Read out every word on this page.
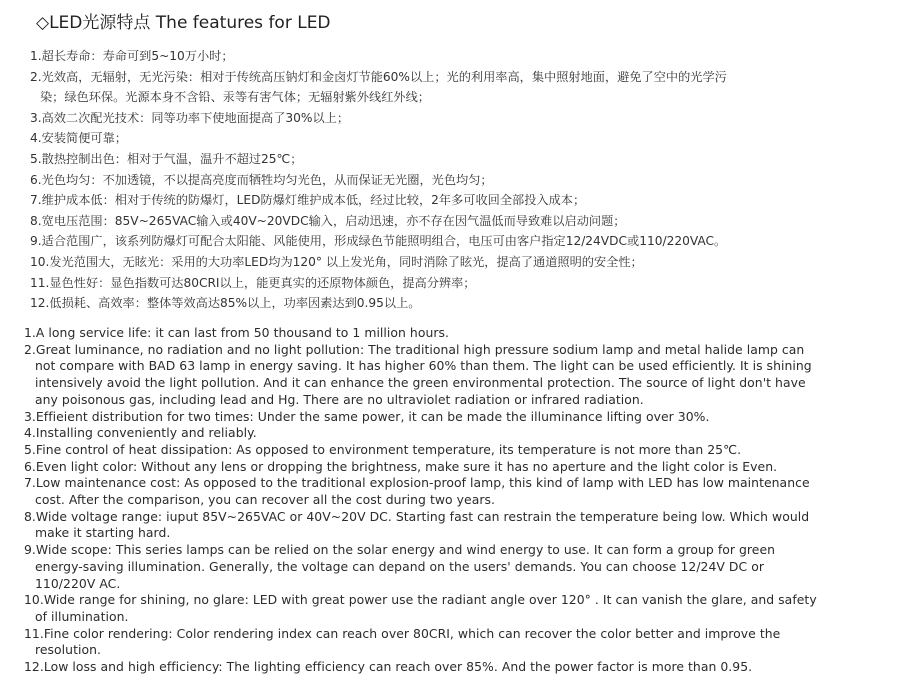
◇LED光源特点 The features for LED
1.超长寿命：寿命可到5~10万小时；
2.光效高，无辐射，无光污染：相对于传统高压钠灯和金卤灯节能60%以上；光的利用率高，集中照射地面，避免了空中的光学污
染；绿色环保。光源本身不含铅、汞等有害气体；无辐射紫外线红外线；
3.高效二次配光技术：同等功率下使地面提高了30%以上；
4.安装简便可靠；
5.散热控制出色：相对于气温，温升不超过25℃；
6.光色均匀：不加透镜，不以提高亮度而牺牲均匀光色，从而保证无光圈，光色均匀；
7.维护成本低：相对于传统的防爆灯，LED防爆灯维护成本低，经过比较，2年多可收回全部投入成本；
8.宽电压范围：85V~265VAC输入或40V~20VDC输入，启动迅速，亦不存在因气温低而导致难以启动问题；
9.适合范围广，该系列防爆灯可配合太阳能、风能使用，形成绿色节能照明组合，电压可由客户指定12/24VDC或110/220VAC。
10.发光范围大，无眩光：采用的大功率LED均为120° 以上发光角，同时消除了眩光，提高了通道照明的安全性；
11.显色性好：显色指数可达80CRI以上，能更真实的还原物体颜色，提高分辨率；
12.低损耗、高效率：整体等效高达85%以上，功率因素达到0.95以上。
1.A long service life: it can last from 50 thousand to 1 million hours.
2.Great luminance, no radiation and no light pollution: The traditional high pressure sodium lamp and metal halide lamp can not compare with BAD 63 lamp in energy saving. It has higher 60% than them. The light can be used efficiently. It is shining intensively avoid the light pollution. And it can enhance the green environmental protection. The source of light don't have any poisonous gas, including lead and Hg. There are no ultraviolet radiation or infrared radiation.
3.Effieient distribution for two times: Under the same power, it can be made the illuminance lifting over 30%.
4.Installing conveniently and reliably.
5.Fine control of heat dissipation: As opposed to environment temperature, its temperature is not more than 25℃.
6.Even light color: Without any lens or dropping the brightness, make sure it has no aperture and the light color is Even.
7.Low maintenance cost: As opposed to the traditional explosion-proof lamp, this kind of lamp with LED has low maintenance cost. After the comparison, you can recover all the cost during two years.
8.Wide voltage range: iuput 85V~265VAC or 40V~20V DC. Starting fast can restrain the temperature being low. Which would make it starting hard.
9.Wide scope: This series lamps can be relied on the solar energy and wind energy to use. It can form a group for green energy-saving illumination. Generally, the voltage can depand on the users' demands. You can choose 12/24V DC or 110/220V AC.
10.Wide range for shining, no glare: LED with great power use the radiant angle over 120° . It can vanish the glare, and safety of illumination.
11.Fine color rendering: Color rendering index can reach over 80CRI, which can recover the color better and improve the resolution.
12.Low loss and high efficiency: The lighting efficiency can reach over 85%. And the power factor is more than 0.95.
